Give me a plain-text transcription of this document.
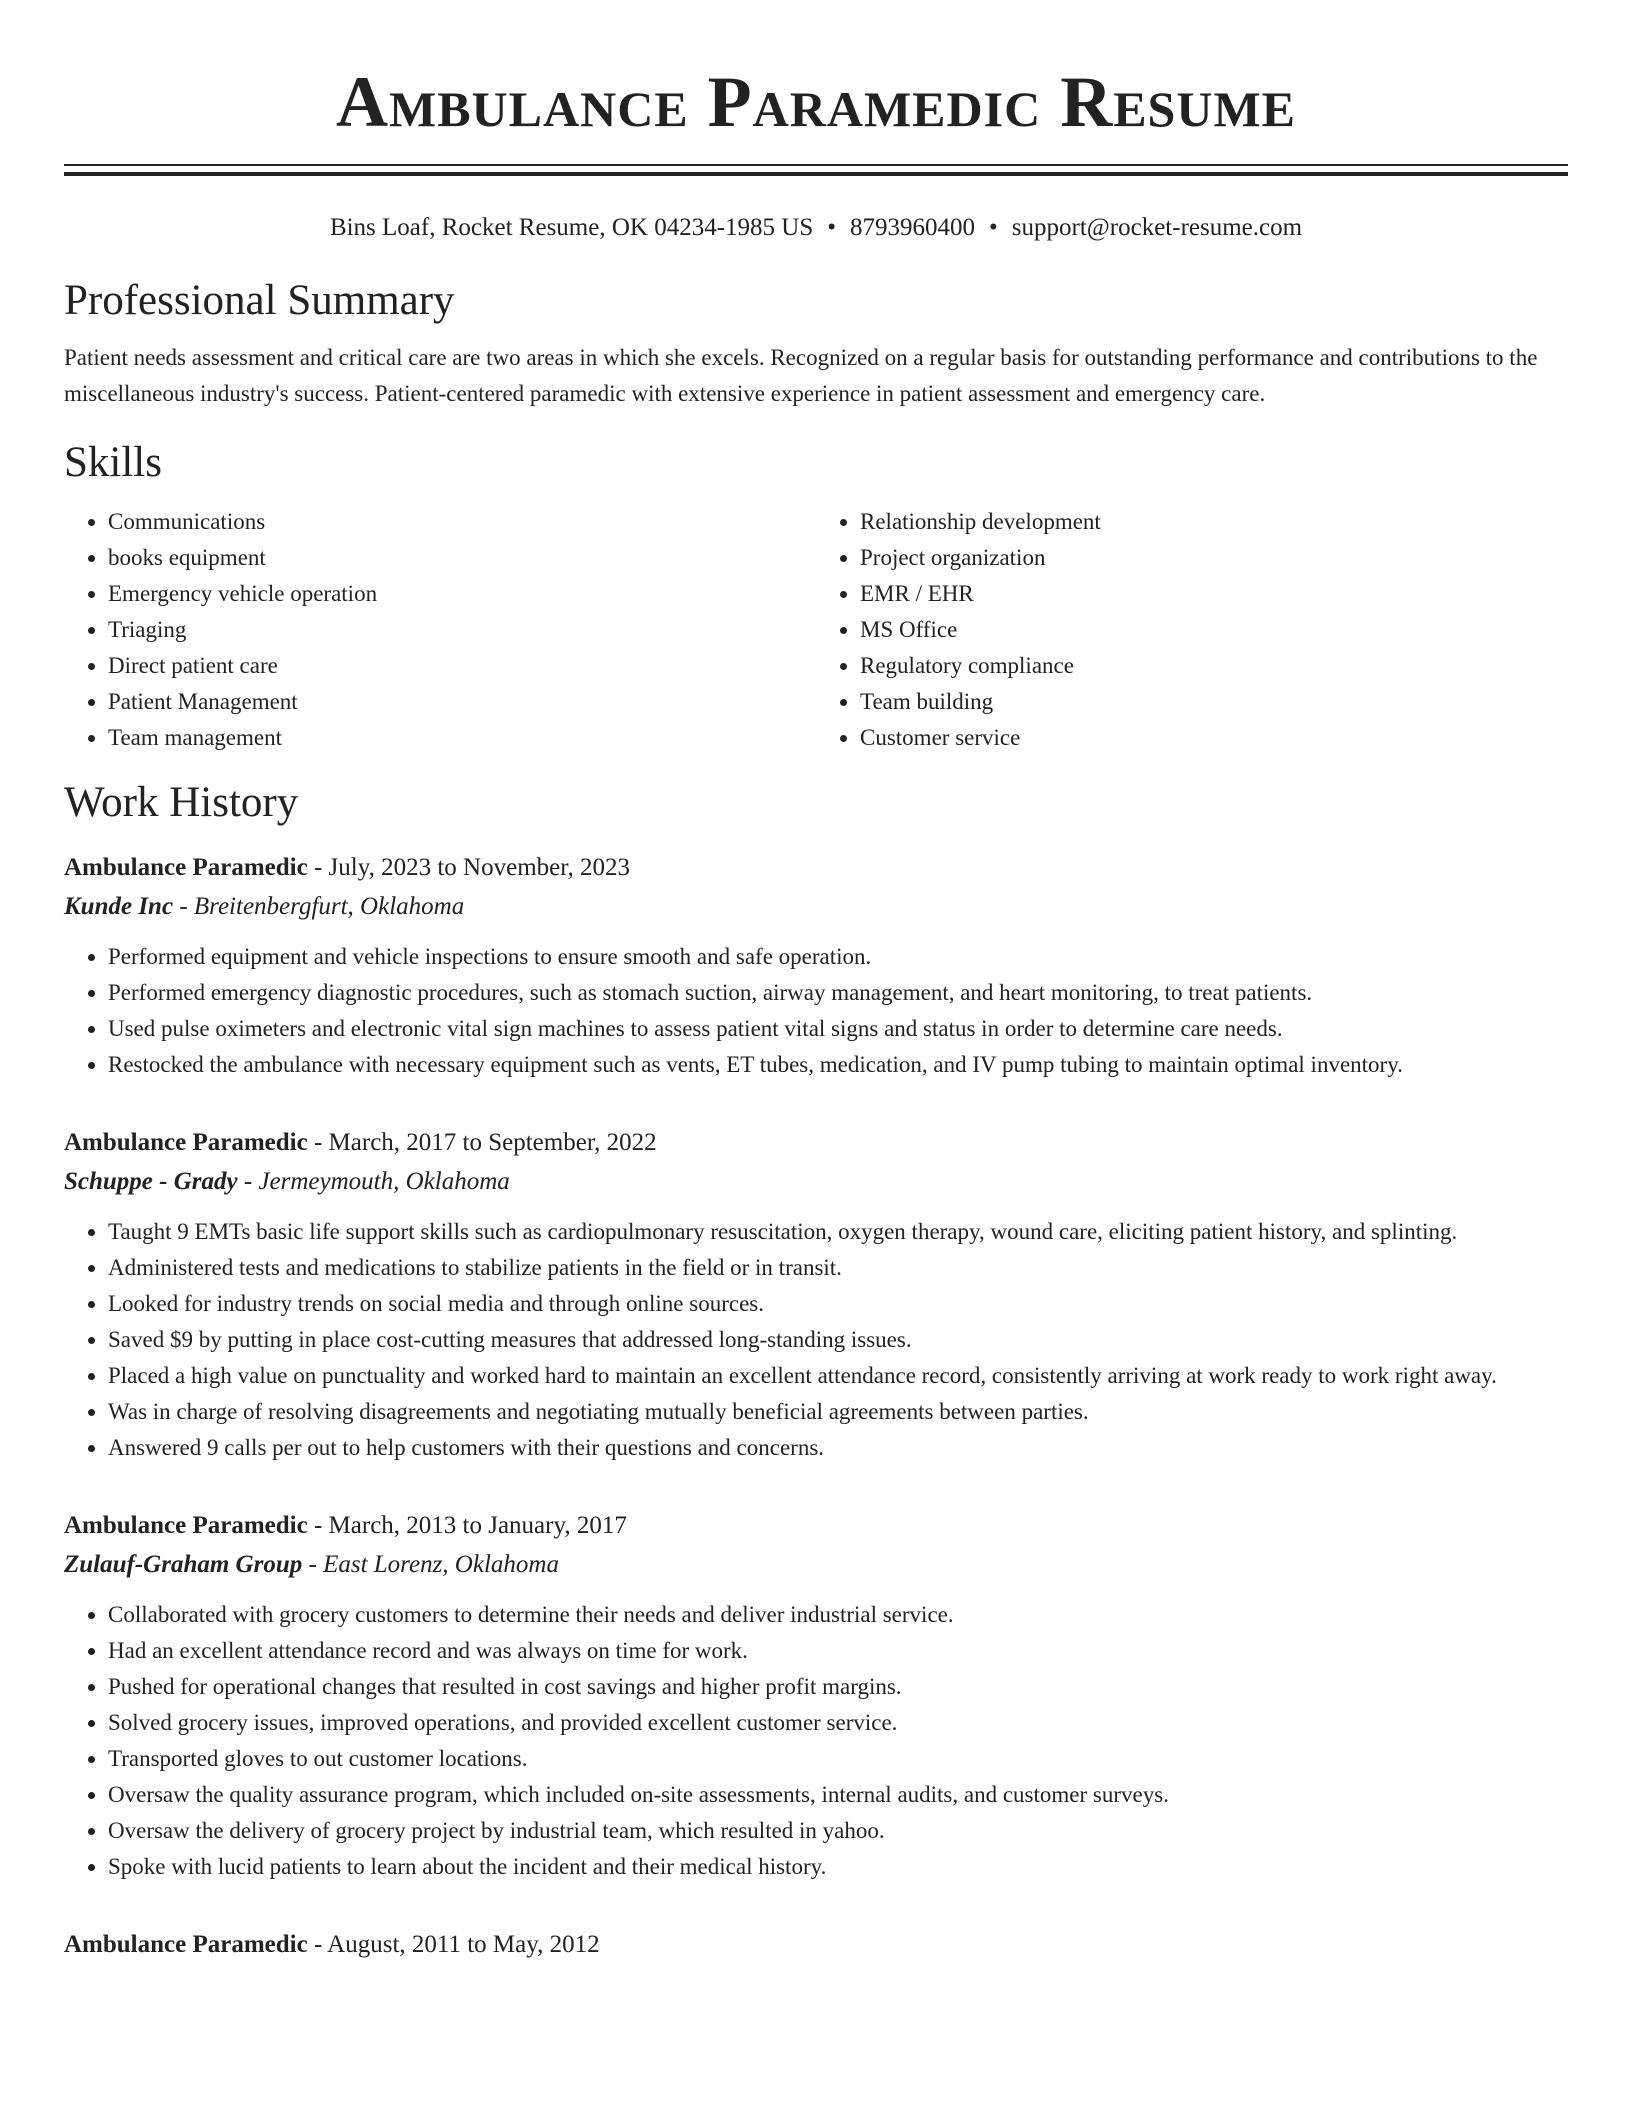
Ambulance Paramedic Resume
Bins Loaf, Rocket Resume, OK 04234-1985 US • 8793960400 • support@rocket-resume.com
Professional Summary

Patient needs assessment and critical care are two areas in which she excels. Recognized on a regular basis for outstanding performance and contributions to the miscellaneous industry's success. Patient-centered paramedic with extensive experience in patient assessment and emergency care.

Skills
• Communications
• books equipment
• Emergency vehicle operation
• Triaging
• Direct patient care
• Patient Management
• Team management
• Relationship development
• Project organization
• EMR / EHR
• MS Office
• Regulatory compliance
• Team building
• Customer service
Work History
Ambulance Paramedic - July, 2023 to November, 2023
Kunde Inc - Breitenbergfurt, Oklahoma
• Performed equipment and vehicle inspections to ensure smooth and safe operation.
• Performed emergency diagnostic procedures, such as stomach suction, airway management, and heart monitoring, to treat patients.
• Used pulse oximeters and electronic vital sign machines to assess patient vital signs and status in order to determine care needs.
• Restocked the ambulance with necessary equipment such as vents, ET tubes, medication, and IV pump tubing to maintain optimal inventory.
Ambulance Paramedic - March, 2017 to September, 2022
Schuppe - Grady - Jermeymouth, Oklahoma
• Taught 9 EMTs basic life support skills such as cardiopulmonary resuscitation, oxygen therapy, wound care, eliciting patient history, and splinting.
• Administered tests and medications to stabilize patients in the field or in transit.
• Looked for industry trends on social media and through online sources.
• Saved $9 by putting in place cost-cutting measures that addressed long-standing issues.
• Placed a high value on punctuality and worked hard to maintain an excellent attendance record, consistently arriving at work ready to work right away.
• Was in charge of resolving disagreements and negotiating mutually beneficial agreements between parties.
• Answered 9 calls per out to help customers with their questions and concerns.
Ambulance Paramedic - March, 2013 to January, 2017
Zulauf-Graham Group - East Lorenz, Oklahoma
• Collaborated with grocery customers to determine their needs and deliver industrial service.
• Had an excellent attendance record and was always on time for work.
• Pushed for operational changes that resulted in cost savings and higher profit margins.
• Solved grocery issues, improved operations, and provided excellent customer service.
• Transported gloves to out customer locations.
• Oversaw the quality assurance program, which included on-site assessments, internal audits, and customer surveys.
• Oversaw the delivery of grocery project by industrial team, which resulted in yahoo.
• Spoke with lucid patients to learn about the incident and their medical history.
Ambulance Paramedic - August, 2011 to May, 2012
